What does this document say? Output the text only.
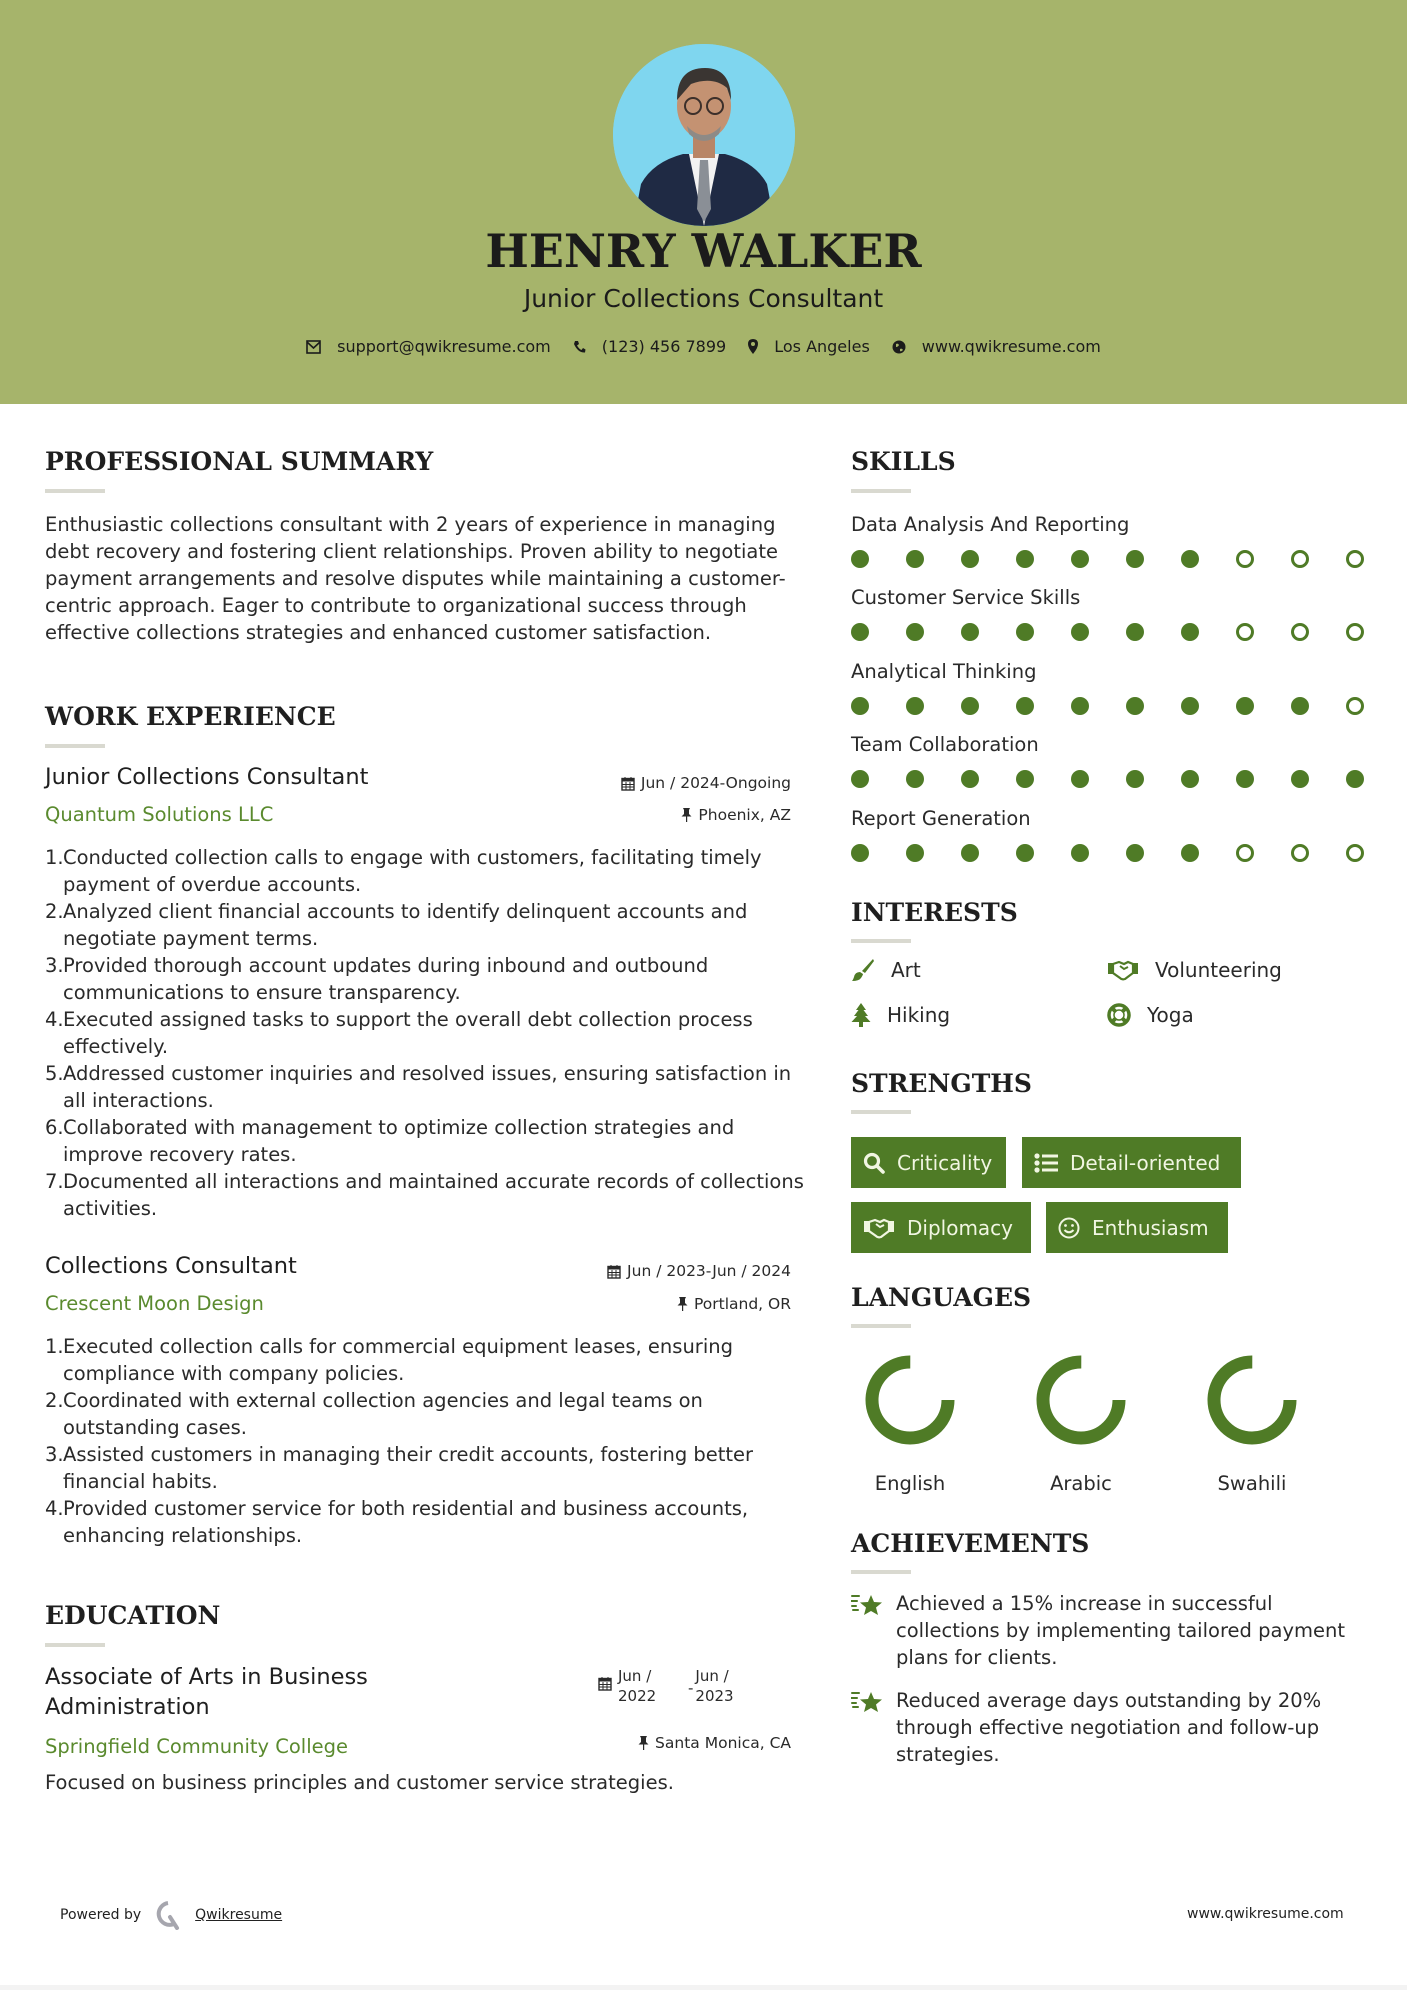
HENRY WALKER
Junior Collections Consultant
support@qwikresume.com	(123) 456 7899	Los Angeles	www.qwikresume.com
PROFESSIONAL SUMMARY
Enthusiastic collections consultant with 2 years of experience in managing debt recovery and fostering client relationships. Proven ability to negotiate payment arrangements and resolve disputes while maintaining a customer-centric approach. Eager to contribute to organizational success through effective collections strategies and enhanced customer satisfaction.
WORK EXPERIENCE
Junior Collections Consultant	Jun / 2024-Ongoing
Quantum Solutions LLC	Phoenix, AZ
1. Conducted collection calls to engage with customers, facilitating timely payment of overdue accounts.
2. Analyzed client financial accounts to identify delinquent accounts and negotiate payment terms.
3. Provided thorough account updates during inbound and outbound communications to ensure transparency.
4. Executed assigned tasks to support the overall debt collection process effectively.
5. Addressed customer inquiries and resolved issues, ensuring satisfaction in all interactions.
6. Collaborated with management to optimize collection strategies and improve recovery rates.
7. Documented all interactions and maintained accurate records of collections activities.
Collections Consultant	Jun / 2023-Jun / 2024
Crescent Moon Design	Portland, OR
1. Executed collection calls for commercial equipment leases, ensuring compliance with company policies.
2. Coordinated with external collection agencies and legal teams on outstanding cases.
3. Assisted customers in managing their credit accounts, fostering better financial habits.
4. Provided customer service for both residential and business accounts, enhancing relationships.
EDUCATION
Associate of Arts in Business
Administration
Jun /
2022	-
Jun /
2023
Springfield Community College	Santa Monica, CA
Focused on business principles and customer service strategies.
SKILLS
Data Analysis And Reporting
Customer Service Skills
Analytical Thinking
Team Collaboration
Report Generation
INTERESTS
Art	Volunteering
Hiking	Yoga
STRENGTHS
Criticality	Detail-oriented
Diplomacy	Enthusiasm
LANGUAGES
English	Arabic	Swahili
ACHIEVEMENTS
Achieved a 15% increase in successful collections by implementing tailored payment plans for clients.
Reduced average days outstanding by 20% through effective negotiation and follow-up strategies.
Powered by	Qwikresume	www.qwikresume.com
